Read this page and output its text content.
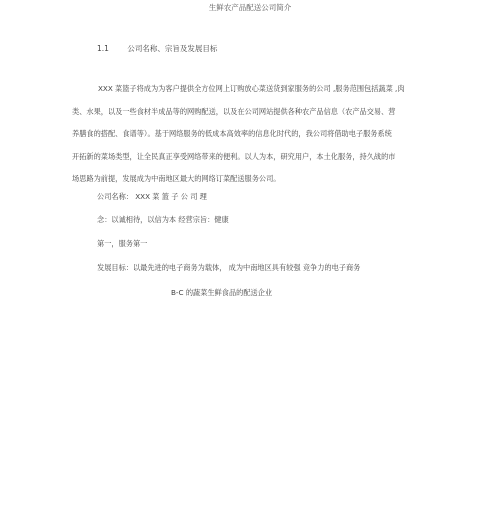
生鲜农产品配送公司简介
1.1 公司名称、宗旨及发展目标
XXX 菜篮子将成为为客户提供全方位网上订购放心菜送货到家服务的公司 ,服务范围包括蔬菜 ,肉
类、水果，以及一些食材半成品等的网购配送，以及在公司网站提供各种农产品信息（农产品交易、营
养膳食的搭配、食谱等）。基于网络服务的低成本高效率的信息化时代的，我公司将借助电子服务系统
开拓新的菜场类型，让全民真正享受网络带来的便利。以人为本，研究用户，本土化服务，持久战的市
场思路为前提，发展成为中南地区最大的网络订菜配送服务公司。
公司名称： XXX 菜 篮 子 公 司 理
念：以诚相待，以信为本 经营宗旨：健康
第一，服务第一
发展目标：以最先进的电子商务为载体， 成为中南地区具有较强 竞争力的电子商务
B-C 的蔬菜生鲜食品的配送企业
